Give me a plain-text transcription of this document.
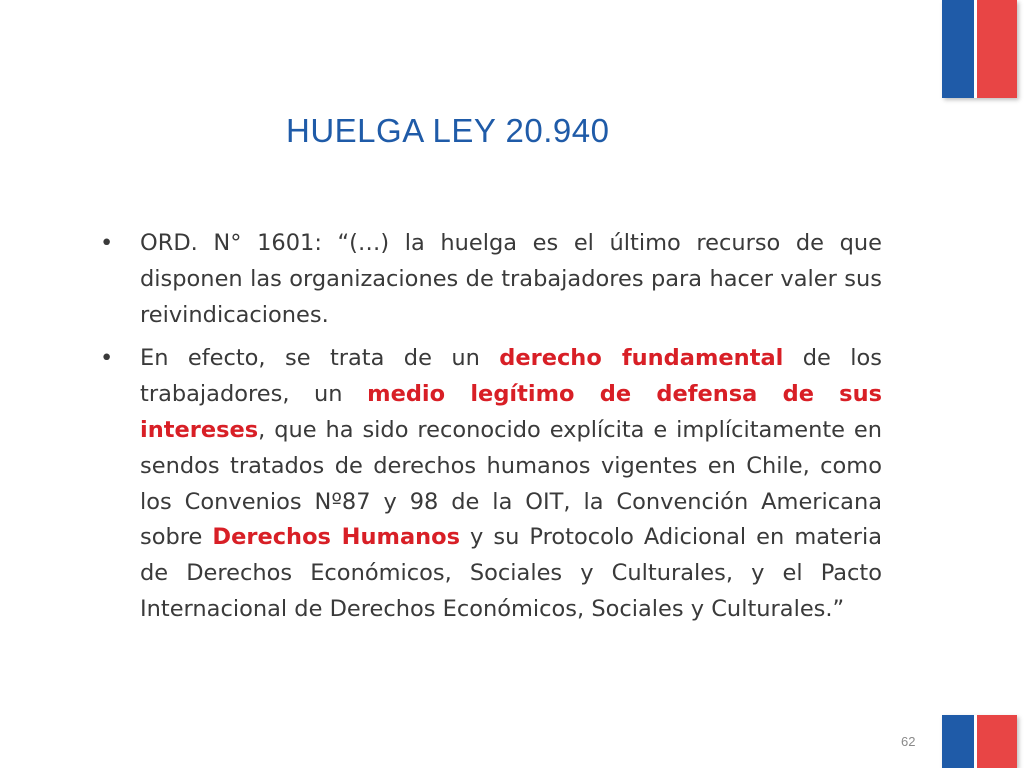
HUELGA LEY 20.940
• ORD. N° 1601: “(…) la huelga es el último recurso de que disponen las organizaciones de trabajadores para hacer valer sus reivindicaciones.
• En efecto, se trata de un derecho fundamental de los trabajadores, un medio legítimo de defensa de sus intereses, que ha sido reconocido explícita e implícitamente en sendos tratados de derechos humanos vigentes en Chile, como los Convenios Nº87 y 98 de la OIT, la Convención Americana sobre Derechos Humanos y su Protocolo Adicional en materia de Derechos Económicos, Sociales y Culturales, y el Pacto Internacional de Derechos Económicos, Sociales y Culturales.”
62
